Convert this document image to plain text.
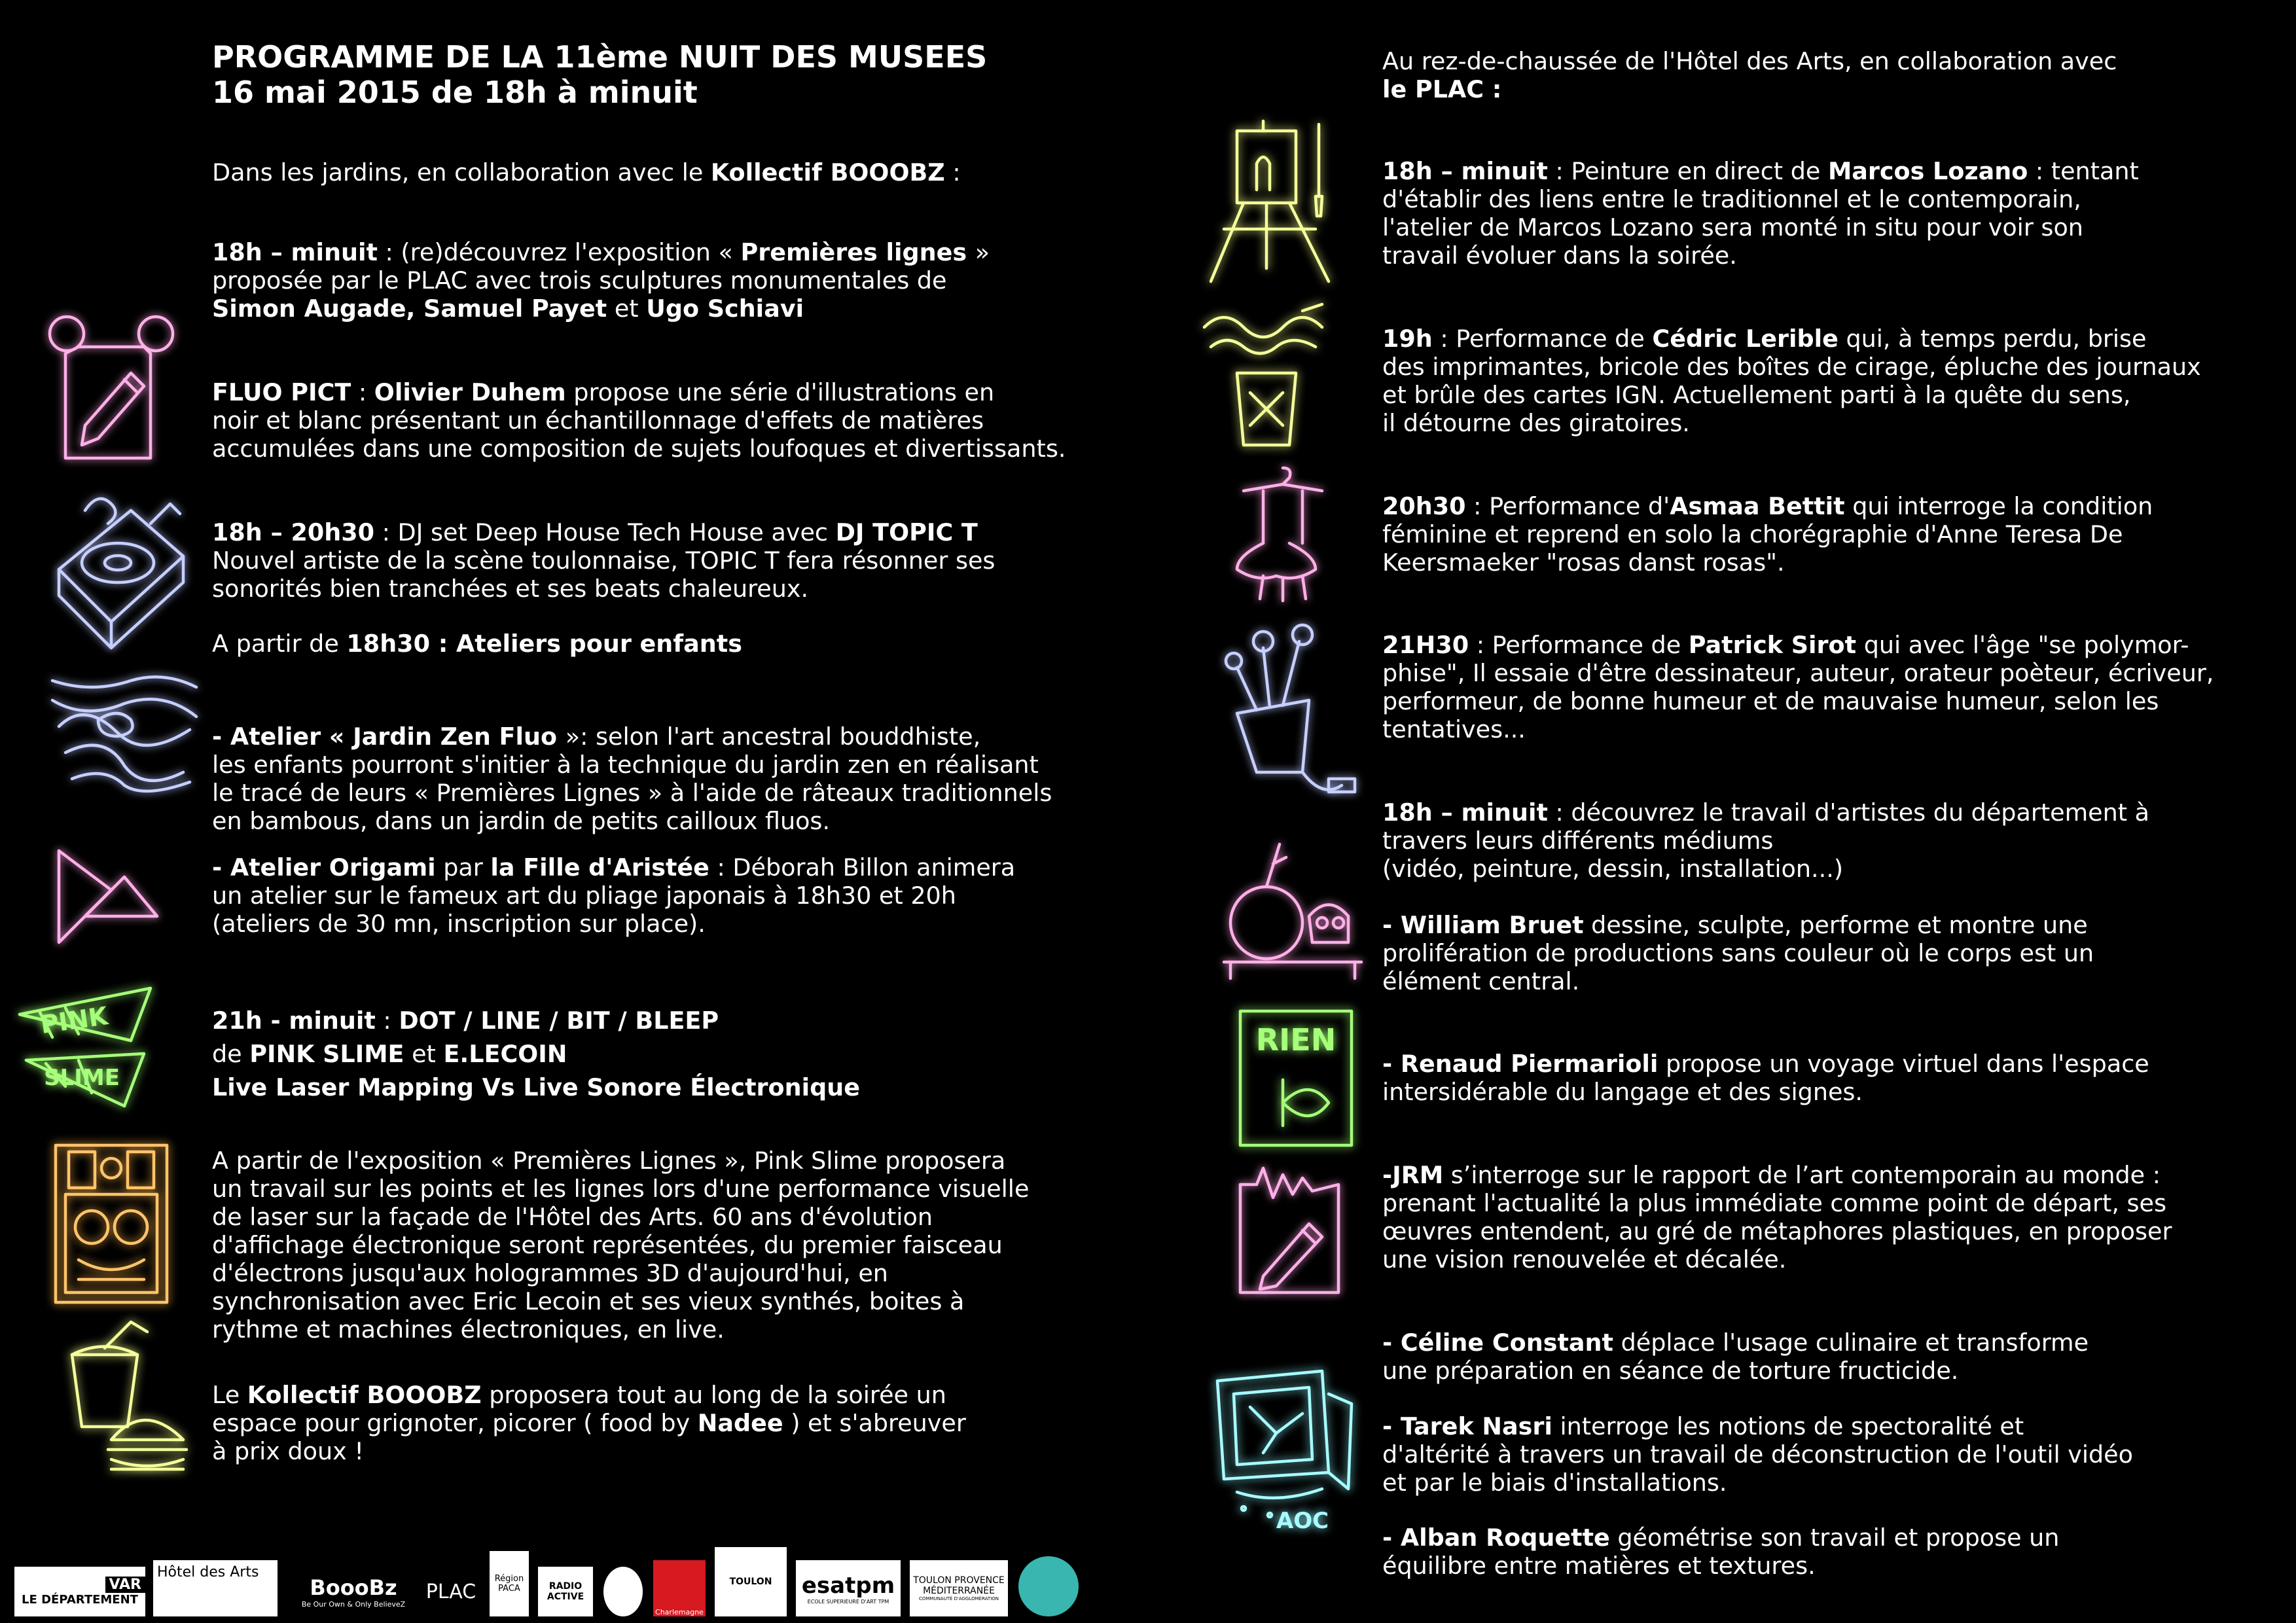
PROGRAMME DE LA 11ème NUIT DES MUSEES

16 mai 2015 de 18h à minuit

Dans les jardins, en collaboration avec le Kollectif BOOOBZ :

18h – minuit : (re)découvrez l'exposition « Premières lignes »

proposée par le PLAC avec trois sculptures monumentales de

Simon Augade, Samuel Payet et Ugo Schiavi

FLUO PICT : Olivier Duhem propose une série d'illustrations en

noir et blanc présentant un échantillonnage d'effets de matières

accumulées dans une composition de sujets loufoques et divertissants.

18h – 20h30 : DJ set Deep House Tech House avec DJ TOPIC T

Nouvel artiste de la scène toulonnaise, TOPIC T fera résonner ses

sonorités bien tranchées et ses beats chaleureux.

A partir de 18h30 : Ateliers pour enfants

- Atelier « Jardin Zen Fluo »: selon l'art ancestral bouddhiste,

les enfants pourront s'initier à la technique du jardin zen en réalisant

le tracé de leurs « Premières Lignes » à l'aide de râteaux traditionnels

en bambous, dans un jardin de petits cailloux fluos.

- Atelier Origami par la Fille d'Aristée : Déborah Billon animera

un atelier sur le fameux art du pliage japonais à 18h30 et 20h

(ateliers de 30 mn, inscription sur place).

21h - minuit : DOT / LINE / BIT / BLEEP

de PINK SLIME et E.LECOIN

Live Laser Mapping Vs Live Sonore Électronique

A partir de l'exposition « Premières Lignes », Pink Slime proposera

un travail sur les points et les lignes lors d'une performance visuelle

de laser sur la façade de l'Hôtel des Arts. 60 ans d'évolution

d'affichage électronique seront représentées, du premier faisceau

d'électrons jusqu'aux hologrammes 3D d'aujourd'hui, en

synchronisation avec Eric Lecoin et ses vieux synthés, boites à

rythme et machines électroniques, en live.

Le Kollectif BOOOBZ proposera tout au long de la soirée un

espace pour grignoter, picorer ( food by Nadee ) et s'abreuver

à prix doux !

Au rez-de-chaussée de l'Hôtel des Arts, en collaboration avec

le PLAC :

18h – minuit : Peinture en direct de Marcos Lozano : tentant

d'établir des liens entre le traditionnel et le contemporain,

l'atelier de Marcos Lozano sera monté in situ pour voir son

travail évoluer dans la soirée.

19h : Performance de Cédric Lerible qui, à temps perdu, brise

des imprimantes, bricole des boîtes de cirage, épluche des journaux

et brûle des cartes IGN. Actuellement parti à la quête du sens,

il détourne des giratoires.

20h30 : Performance d'Asmaa Bettit qui interroge la condition

féminine et reprend en solo la chorégraphie d'Anne Teresa De

Keersmaeker "rosas danst rosas".

21H30 : Performance de Patrick Sirot qui avec l'âge "se polymor-

phise", Il essaie d'être dessinateur, auteur, orateur poèteur, écriveur,

performeur, de bonne humeur et de mauvaise humeur, selon les

tentatives...

18h – minuit : découvrez le travail d'artistes du département à

travers leurs différents médiums

(vidéo, peinture, dessin, installation...)

- William Bruet dessine, sculpte, performe et montre une

prolifération de productions sans couleur où le corps est un

élément central.

- Renaud Piermarioli propose un voyage virtuel dans l'espace

intersidérable du langage et des signes.

-JRM s’interroge sur le rapport de l’art contemporain au monde :

prenant l'actualité la plus immédiate comme point de départ, ses

œuvres entendent, au gré de métaphores plastiques, en proposer

une vision renouvelée et décalée.

- Céline Constant déplace l'usage culinaire et transforme

une préparation en séance de torture fructicide.

- Tarek Nasri interroge les notions de spectoralité et

d'altérité à travers un travail de déconstruction de l'outil vidéo

et par le biais d'installations.

- Alban Roquette géométrise son travail et propose un

équilibre entre matières et textures.

PINK
SLIME
RIEN
AOC
VAR
LE DÉPARTEMENT
Hôtel des Arts
BoooBz
Be Our Own & Only BelieveZ
PLAC
Région PACA	RADIO ACTIVE
Charlemagne
TOULON esatpm
ECOLE SUPERIEURE D'ART TPM
TOULON PROVENCE MÉDITERRANÉE
COMMUNAUTÉ D'AGGLOMÉRATION
